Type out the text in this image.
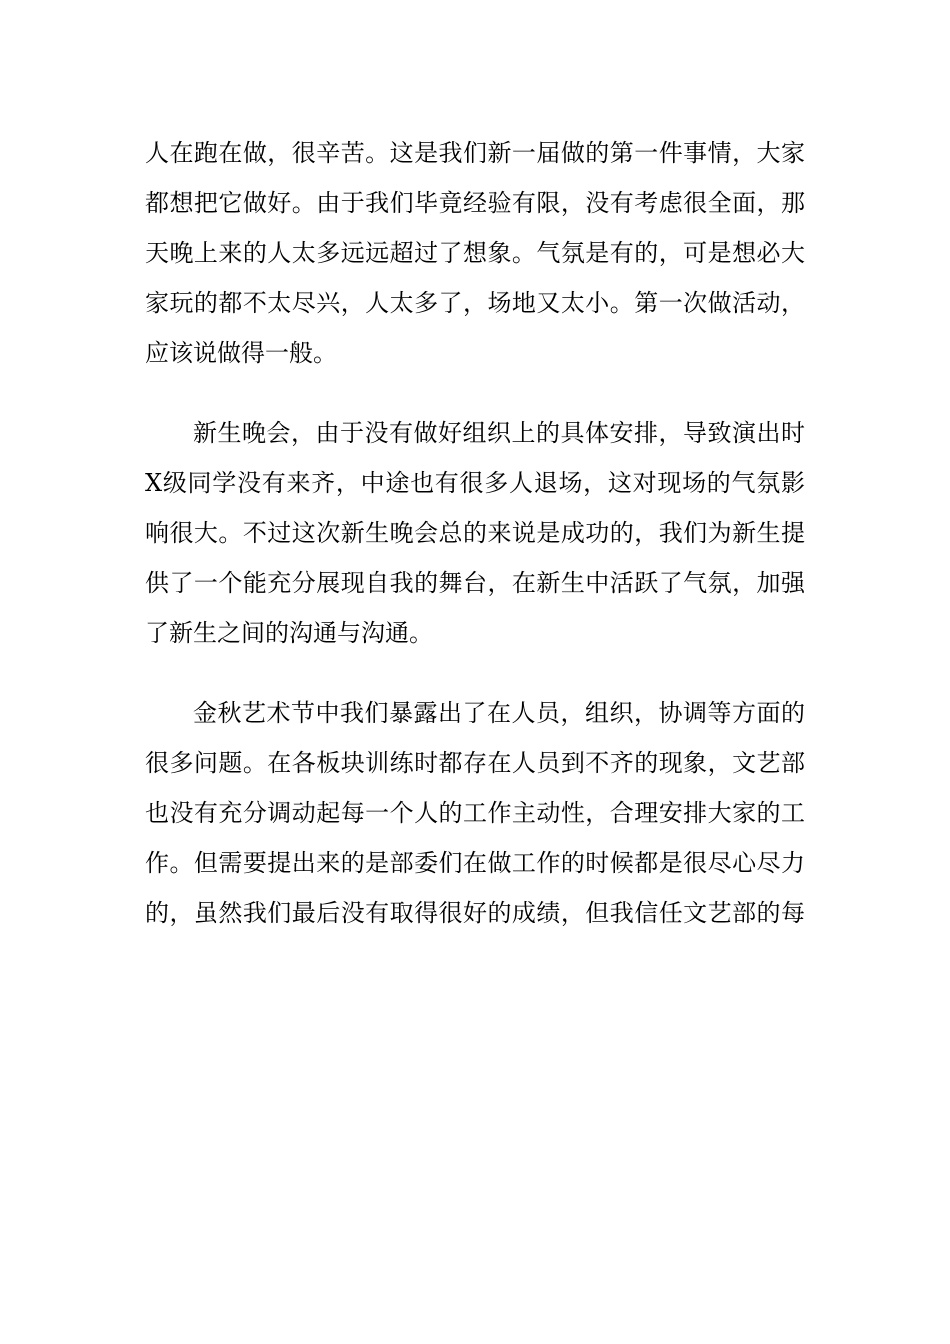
人在跑在做，很辛苦。这是我们新一届做的第一件事情，大家
都想把它做好。由于我们毕竟经验有限，没有考虑很全面，那
天晚上来的人太多远远超过了想象。气氛是有的，可是想必大
家玩的都不太尽兴，人太多了，场地又太小。第一次做活动，
应该说做得一般。
新生晚会，由于没有做好组织上的具体安排，导致演出时
X级同学没有来齐，中途也有很多人退场，这对现场的气氛影
响很大。不过这次新生晚会总的来说是成功的，我们为新生提
供了一个能充分展现自我的舞台，在新生中活跃了气氛，加强
了新生之间的沟通与沟通。
金秋艺术节中我们暴露出了在人员，组织，协调等方面的
很多问题。在各板块训练时都存在人员到不齐的现象，文艺部
也没有充分调动起每一个人的工作主动性，合理安排大家的工
作。但需要提出来的是部委们在做工作的时候都是很尽心尽力
的，虽然我们最后没有取得很好的成绩，但我信任文艺部的每
